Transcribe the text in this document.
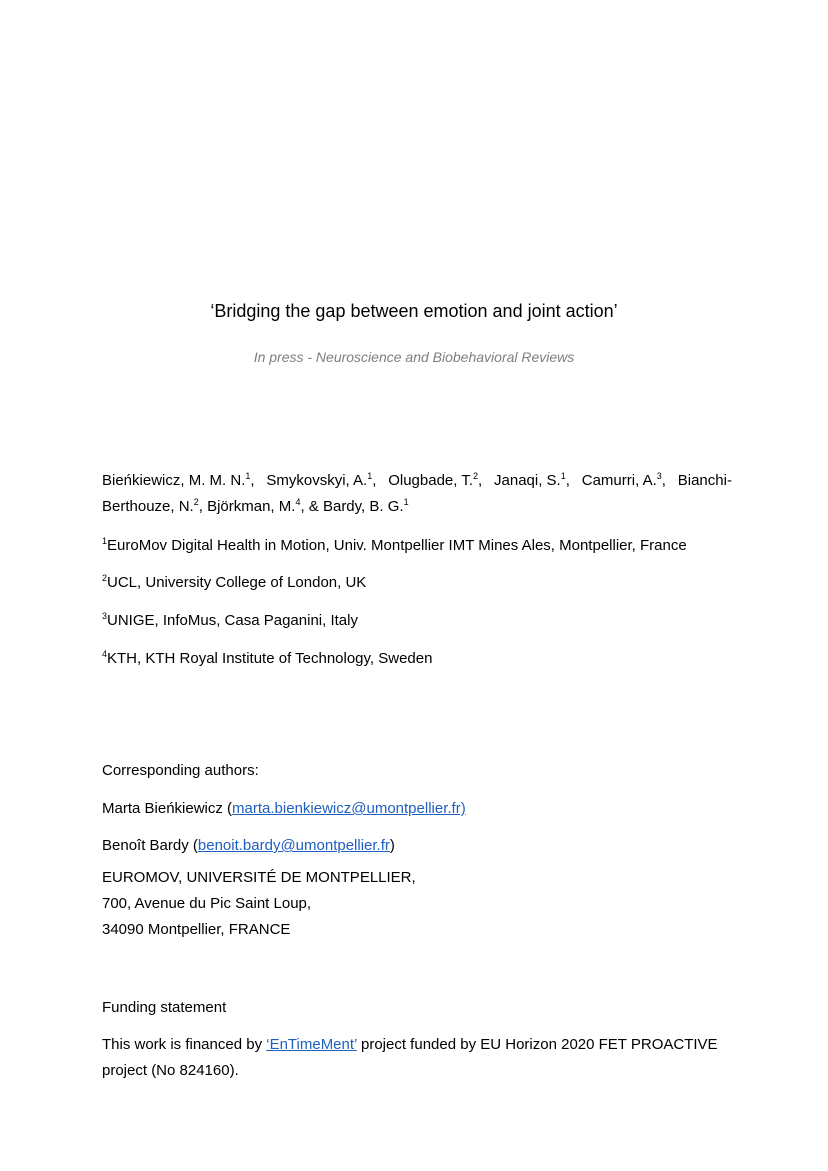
‘Bridging the gap between emotion and joint action’
In press - Neuroscience and Biobehavioral Reviews
Bieńkiewicz, M. M. N.$^1$, Smykovskyi, A.$^1$, Olugbade, T.$^2$, Janaqi, S.$^1$, Camurri, A.$^3$, Bianchi-
Berthouze, N.$^2$, Björkman, M.$^4$, & Bardy, B. G.$^1$
$^1$EuroMov Digital Health in Motion, Univ. Montpellier IMT Mines Ales, Montpellier, France
$^2$UCL, University College of London, UK
$^3$UNIGE, InfoMus, Casa Paganini, Italy
$^4$KTH, KTH Royal Institute of Technology, Sweden
Corresponding authors:
Marta Bieńkiewicz (marta.bienkiewicz@umontpellier.fr)
Benoît Bardy (benoit.bardy@umontpellier.fr)
EUROMOV, UNIVERSITÉ DE MONTPELLIER,
700, Avenue du Pic Saint Loup,
34090 Montpellier, FRANCE
Funding statement
This work is financed by ‘EnTimeMent’ project funded by EU Horizon 2020 FET PROACTIVE
project (No 824160).
